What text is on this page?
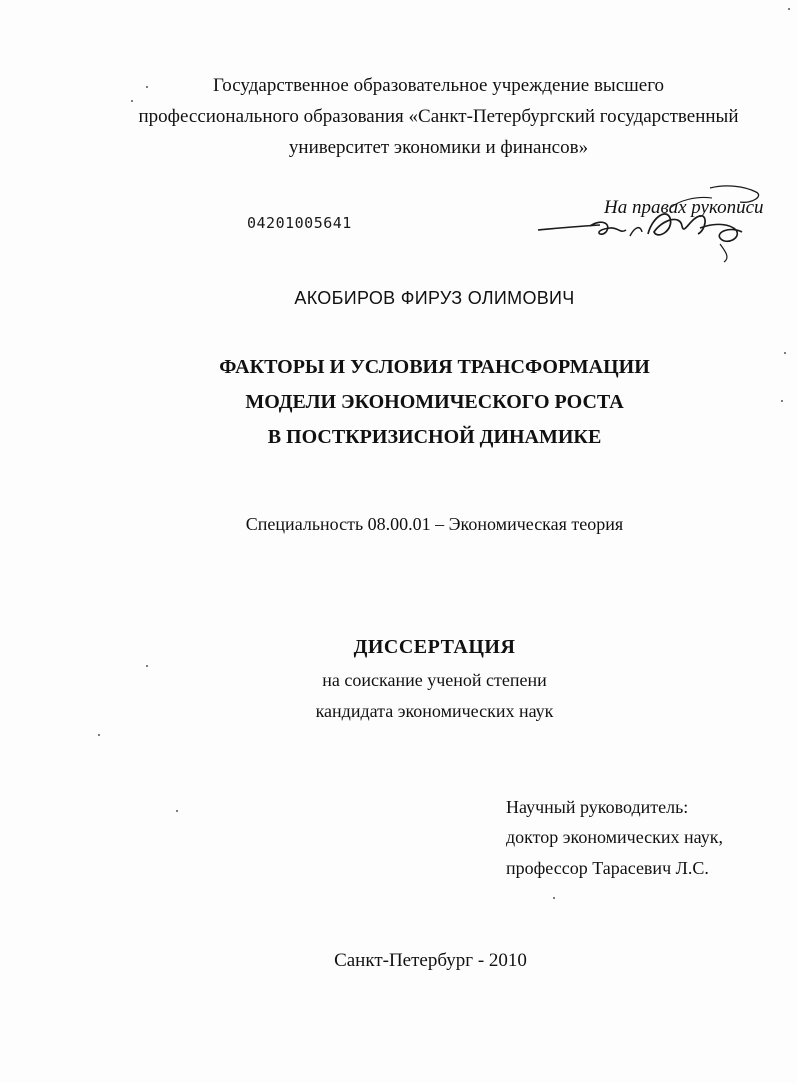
Государственное образовательное учреждение высшего
профессионального образования «Санкт-Петербургский государственный
университет экономики и финансов»
04201005641
На правах рукописи
АКОБИРОВ ФИРУЗ ОЛИМОВИЧ
ФАКТОРЫ И УСЛОВИЯ ТРАНСФОРМАЦИИ
МОДЕЛИ ЭКОНОМИЧЕСКОГО РОСТА
В ПОСТКРИЗИСНОЙ ДИНАМИКЕ
Специальность 08.00.01 – Экономическая теория
ДИССЕРТАЦИЯ
на соискание ученой степени
кандидата экономических наук
Научный руководитель:
доктор экономических наук,
профессор Тарасевич Л.С.
Санкт-Петербург - 2010
